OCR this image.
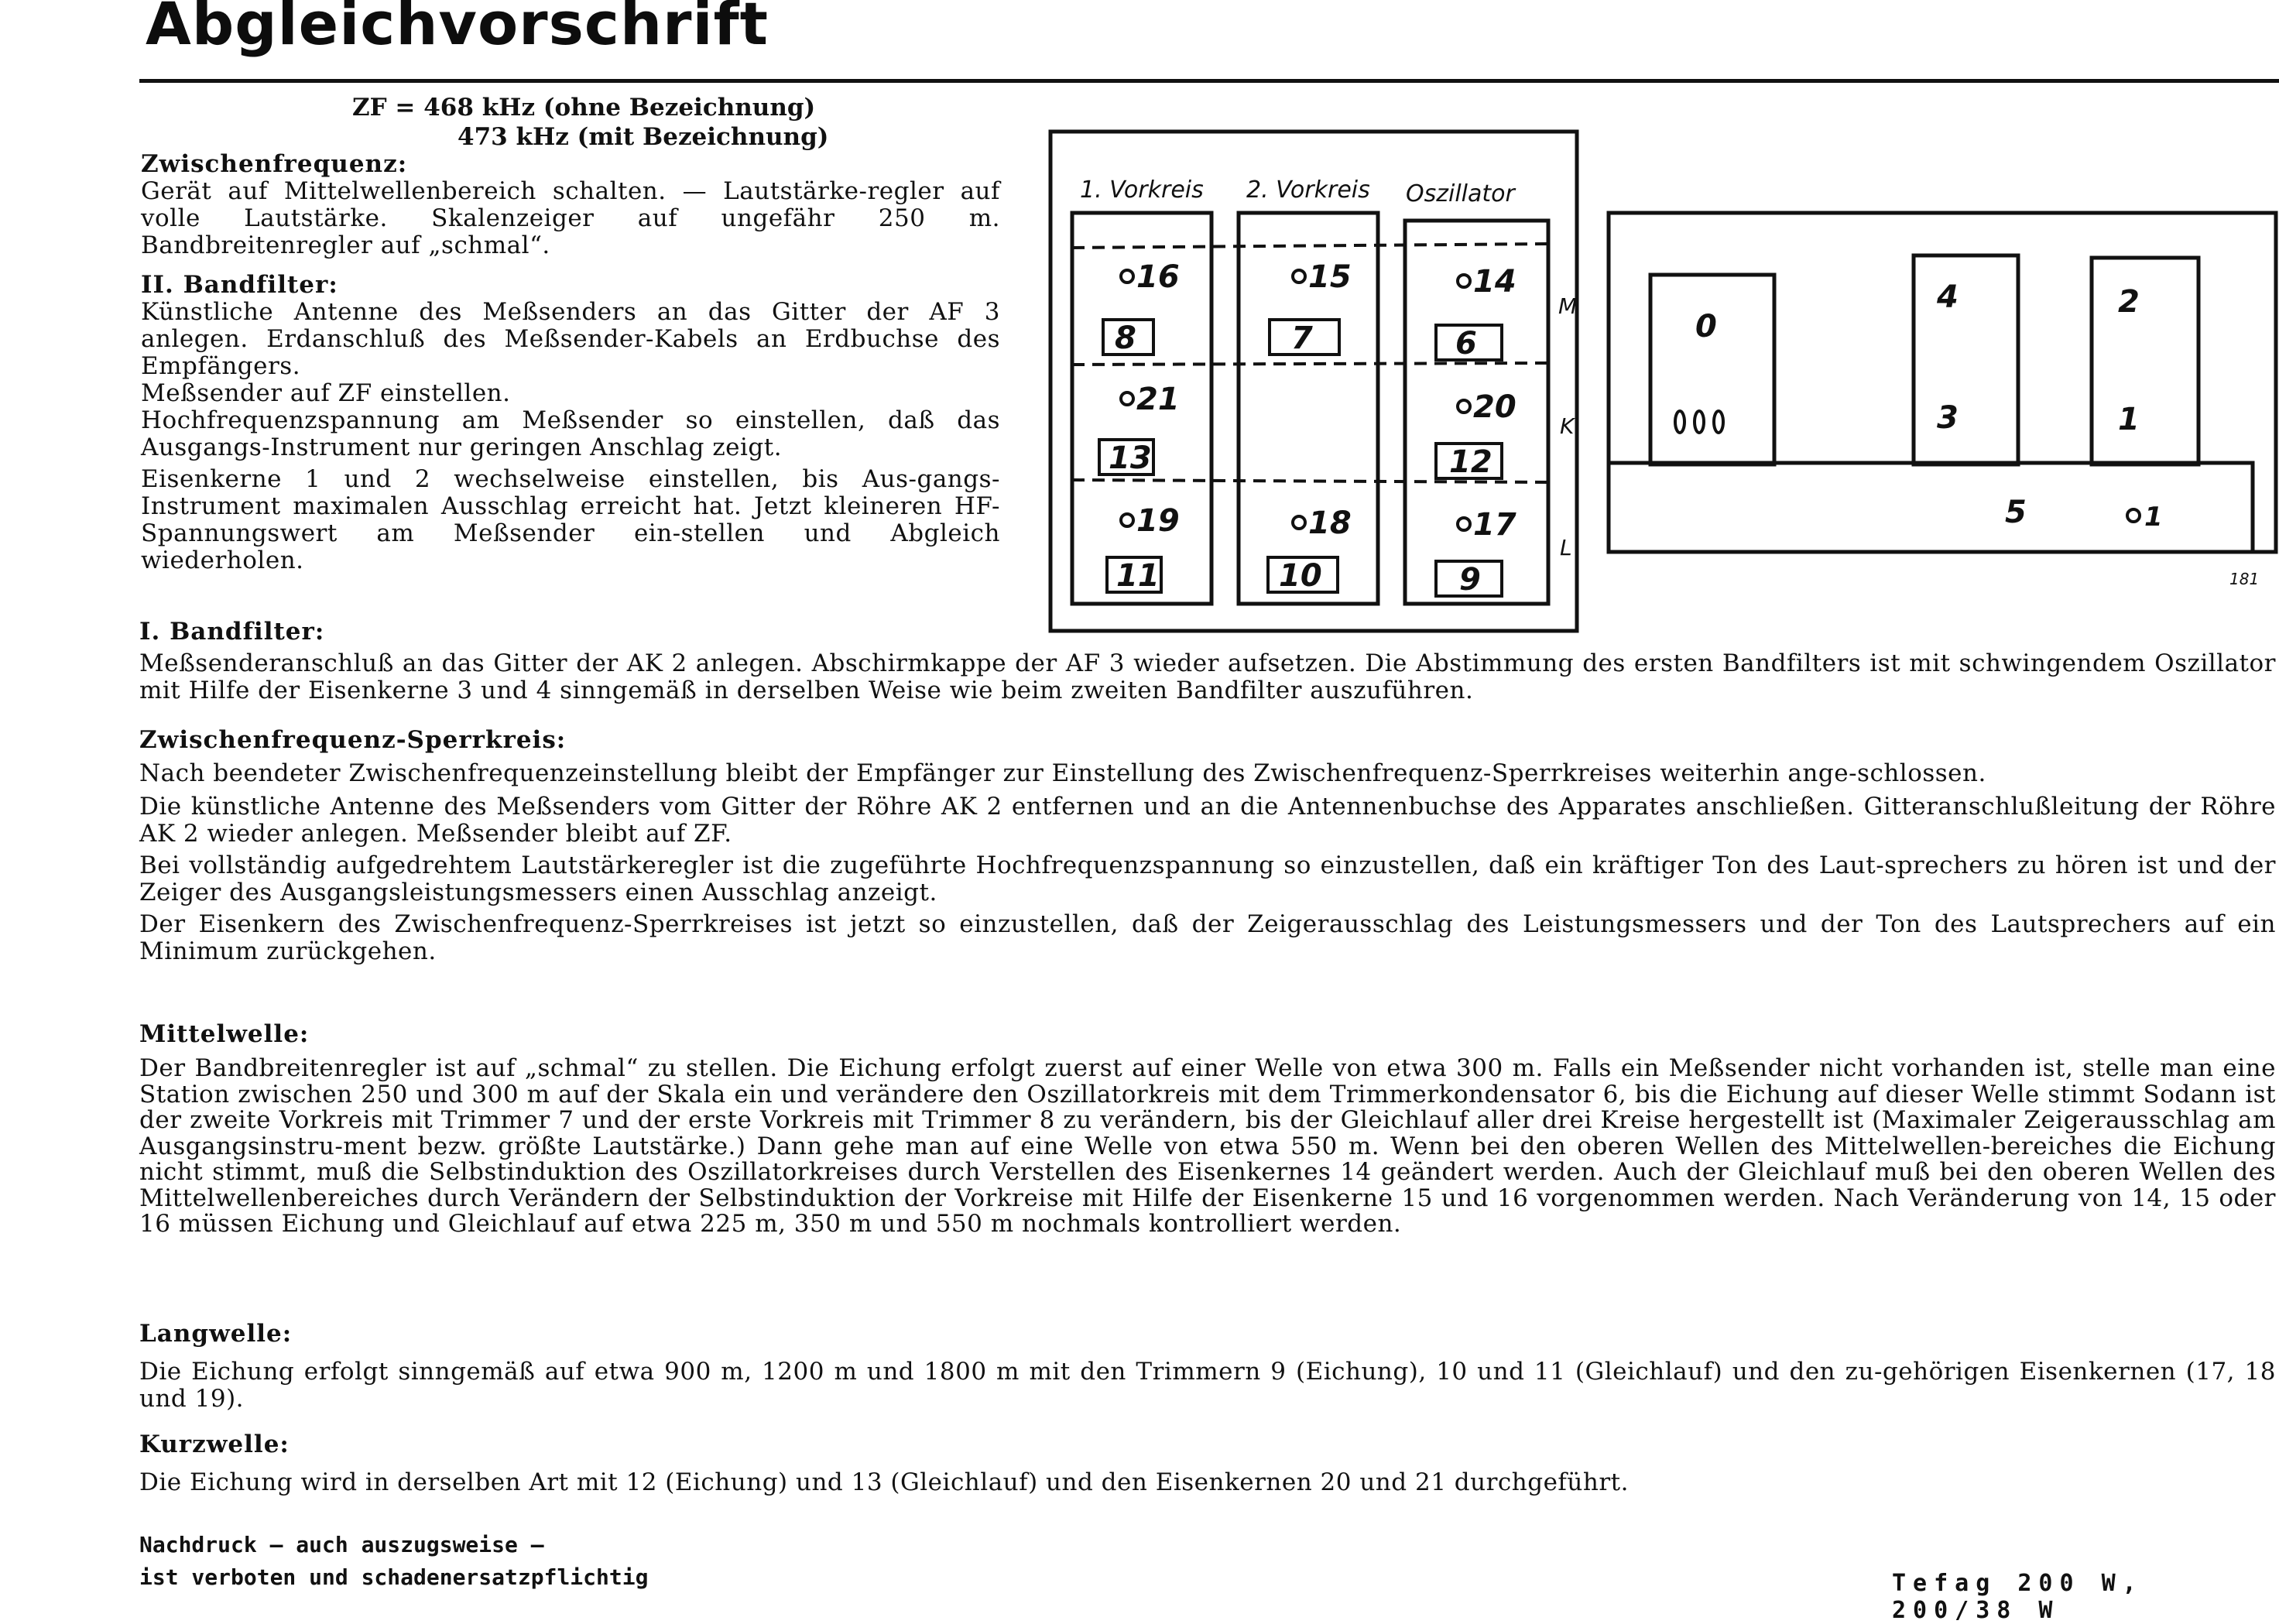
Abgleichvorschrift
ZF = 468 kHz (ohne Bezeichnung)
473 kHz (mit Bezeichnung)
Zwischenfrequenz:

Gerät auf Mittelwellenbereich schalten. — Lautstärke-regler auf volle Lautstärke. Skalenzeiger auf ungefähr 250 m. Bandbreitenregler auf „schmal“.

II. Bandfilter:

Künstliche Antenne des Meßsenders an das Gitter der AF 3 anlegen. Erdanschluß des Meßsender-Kabels an Erdbuchse des Empfängers.

Meßsender auf ZF einstellen.

Hochfrequenzspannung am Meßsender so einstellen, daß das Ausgangs-Instrument nur geringen Anschlag zeigt.

Eisenkerne 1 und 2 wechselweise einstellen, bis Aus-gangs-Instrument maximalen Ausschlag erreicht hat. Jetzt kleineren HF-Spannungswert am Meßsender ein-stellen und Abgleich wiederholen.

I. Bandfilter:

Meßsenderanschluß an das Gitter der AK 2 anlegen. Abschirmkappe der AF 3 wieder aufsetzen. Die Abstimmung des ersten Bandfilters ist mit schwingendem Oszillator mit Hilfe der Eisenkerne 3 und 4 sinngemäß in derselben Weise wie beim zweiten Bandfilter auszuführen.

Zwischenfrequenz-Sperrkreis:

Nach beendeter Zwischenfrequenzeinstellung bleibt der Empfänger zur Einstellung des Zwischenfrequenz-Sperrkreises weiterhin ange-schlossen.

Die künstliche Antenne des Meßsenders vom Gitter der Röhre AK 2 entfernen und an die Antennenbuchse des Apparates anschließen. Gitteranschlußleitung der Röhre AK 2 wieder anlegen. Meßsender bleibt auf ZF.

Bei vollständig aufgedrehtem Lautstärkeregler ist die zugeführte Hochfrequenzspannung so einzustellen, daß ein kräftiger Ton des Laut-sprechers zu hören ist und der Zeiger des Ausgangsleistungsmessers einen Ausschlag anzeigt.

Der Eisenkern des Zwischenfrequenz-Sperrkreises ist jetzt so einzustellen, daß der Zeigerausschlag des Leistungsmessers und der Ton des Lautsprechers auf ein Minimum zurückgehen.

Mittelwelle:

Der Bandbreitenregler ist auf „schmal“ zu stellen. Die Eichung erfolgt zuerst auf einer Welle von etwa 300 m. Falls ein Meßsender nicht vorhanden ist, stelle man eine Station zwischen 250 und 300 m auf der Skala ein und verändere den Oszillatorkreis mit dem Trimmerkondensator 6, bis die Eichung auf dieser Welle stimmt Sodann ist der zweite Vorkreis mit Trimmer 7 und der erste Vorkreis mit Trimmer 8 zu verändern, bis der Gleichlauf aller drei Kreise hergestellt ist (Maximaler Zeigerausschlag am Ausgangsinstru-ment bezw. größte Lautstärke.) Dann gehe man auf eine Welle von etwa 550 m. Wenn bei den oberen Wellen des Mittelwellen-bereiches die Eichung nicht stimmt, muß die Selbstinduktion des Oszillatorkreises durch Verstellen des Eisenkernes 14 geändert werden. Auch der Gleichlauf muß bei den oberen Wellen des Mittelwellenbereiches durch Verändern der Selbstinduktion der Vorkreise mit Hilfe der Eisenkerne 15 und 16 vorgenommen werden. Nach Veränderung von 14, 15 oder 16 müssen Eichung und Gleichlauf auf etwa 225 m, 350 m und 550 m nochmals kontrolliert werden.

Langwelle:

Die Eichung erfolgt sinngemäß auf etwa 900 m, 1200 m und 1800 m mit den Trimmern 9 (Eichung), 10 und 11 (Gleichlauf) und den zu-gehörigen Eisenkernen (17, 18 und 19).

Kurzwelle:

Die Eichung wird in derselben Art mit 12 (Eichung) und 13 (Gleichlauf) und den Eisenkernen 20 und 21 durchgeführt.

Nachdruck — auch auszugsweise —
ist verboten und schadenersatzpflichtig	Tefag 200 W, 200/38 W
1. Vorkreis 2. Vorkreis Oszillator
M
K
L
16	15	14
8	7	6
21	20
13	12
19	18	17
11	10	9
0
4
3
2
1
5	1
181
